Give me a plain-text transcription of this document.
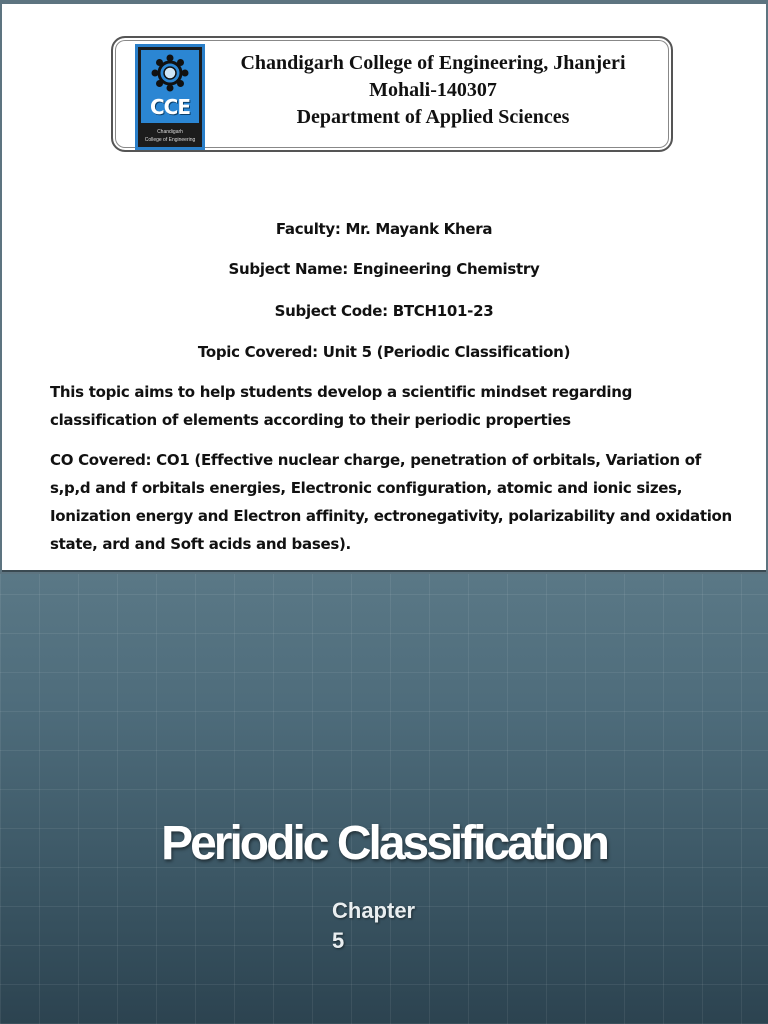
CCE
Chandigarh
College of Engineering
Chandigarh College of Engineering, Jhanjeri
Mohali-140307
Department of Applied Sciences
Faculty: Mr. Mayank Khera
Subject Name: Engineering Chemistry
Subject Code: BTCH101-23
Topic Covered: Unit 5 (Periodic Classification)
This topic aims to help students develop a scientific mindset regarding classification of elements according to their periodic properties
CO Covered: CO1 (Effective nuclear charge, penetration of orbitals, Variation of s,p,d and f orbitals energies, Electronic configuration, atomic and ionic sizes, Ionization energy and Electron affinity, ectronegativity, polarizability and oxidation state, ard and Soft acids and bases).
Periodic Classification
Chapter
5
